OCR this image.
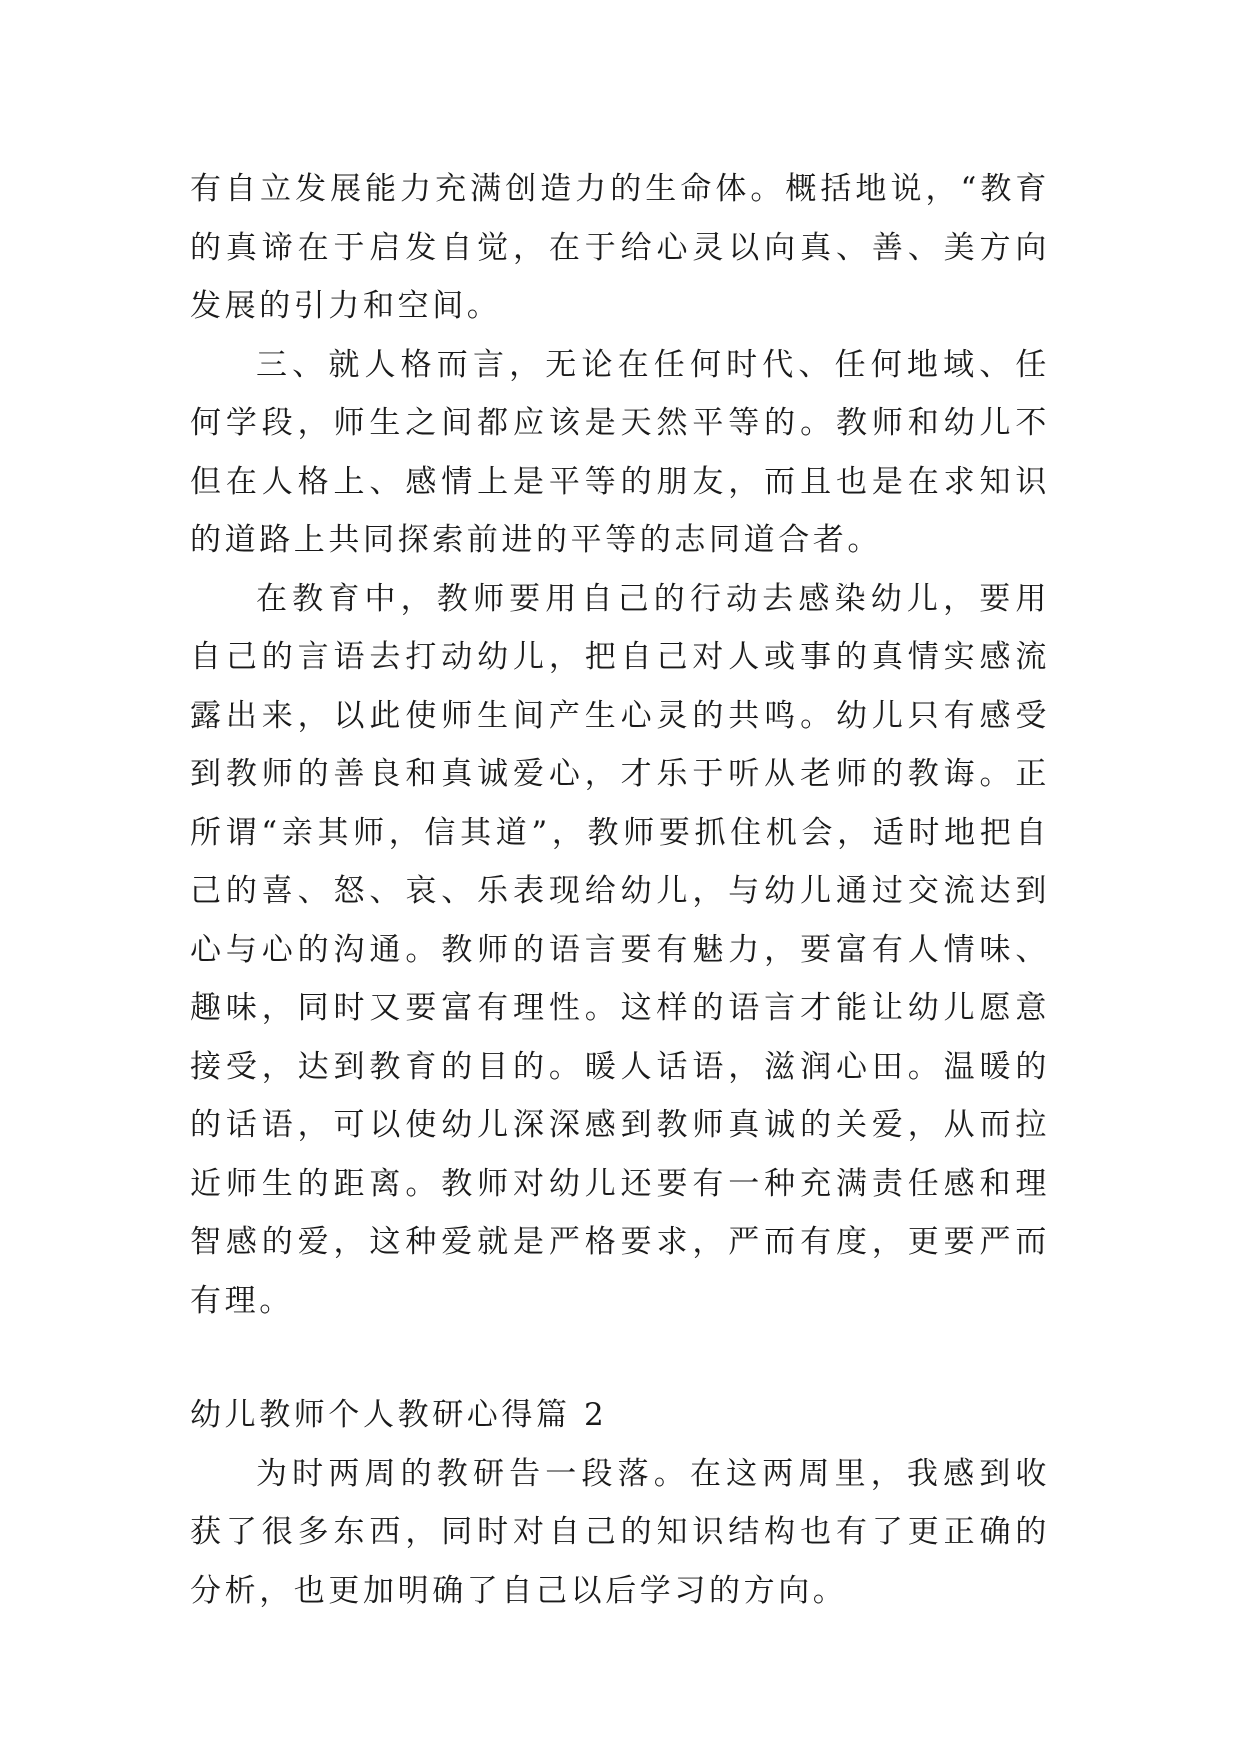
有自立发展能力充满创造力的生命体。概括地说，“教育的真谛在于启发自觉，在于给心灵以向真、善、美方向发展的引力和空间。

三、就人格而言，无论在任何时代、任何地域、任何学段，师生之间都应该是天然平等的。教师和幼儿不但在人格上、感情上是平等的朋友，而且也是在求知识的道路上共同探索前进的平等的志同道合者。

在教育中，教师要用自己的行动去感染幼儿，要用自己的言语去打动幼儿，把自己对人或事的真情实感流露出来，以此使师生间产生心灵的共鸣。幼儿只有感受到教师的善良和真诚爱心，才乐于听从老师的教诲。正所谓“亲其师，信其道”，教师要抓住机会，适时地把自己的喜、怒、哀、乐表现给幼儿，与幼儿通过交流达到心与心的沟通。教师的语言要有魅力，要富有人情味、趣味，同时又要富有理性。这样的语言才能让幼儿愿意接受，达到教育的目的。暖人话语，滋润心田。温暖的的话语，可以使幼儿深深感到教师真诚的关爱，从而拉近师生的距离。教师对幼儿还要有一种充满责任感和理智感的爱，这种爱就是严格要求，严而有度，更要严而有理。

幼儿教师个人教研心得篇 2

为时两周的教研告一段落。在这两周里，我感到收获了很多东西，同时对自己的知识结构也有了更正确的分析，也更加明确了自己以后学习的方向。
